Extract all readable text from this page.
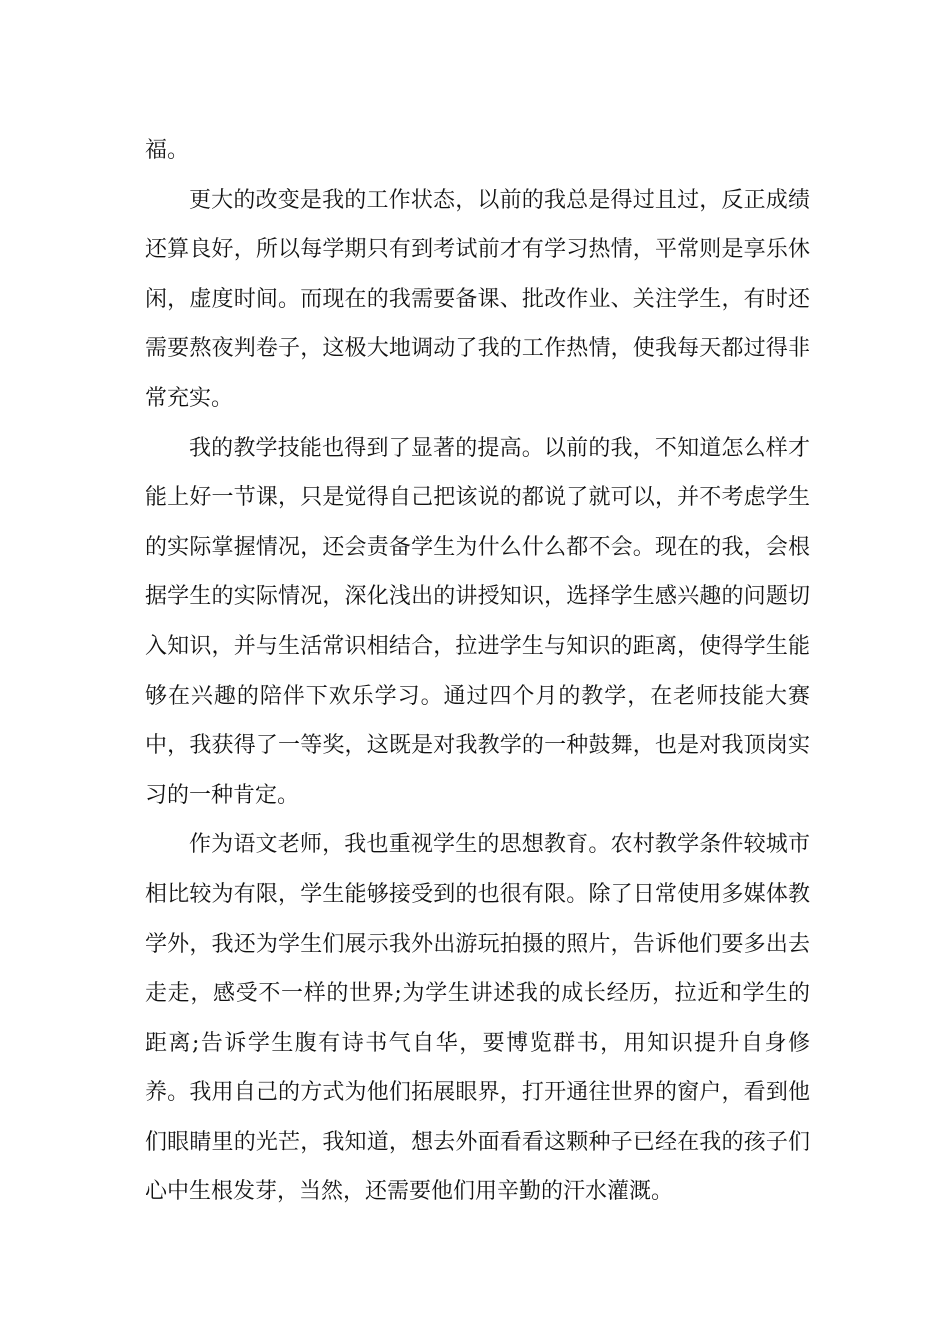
福。

更大的改变是我的工作状态，以前的我总是得过且过，反正成绩还算良好，所以每学期只有到考试前才有学习热情，平常则是享乐休闲，虚度时间。而现在的我需要备课、批改作业、关注学生，有时还需要熬夜判卷子，这极大地调动了我的工作热情，使我每天都过得非常充实。

我的教学技能也得到了显著的提高。以前的我，不知道怎么样才能上好一节课，只是觉得自己把该说的都说了就可以，并不考虑学生的实际掌握情况，还会责备学生为什么什么都不会。现在的我，会根据学生的实际情况，深化浅出的讲授知识，选择学生感兴趣的问题切入知识，并与生活常识相结合，拉进学生与知识的距离，使得学生能够在兴趣的陪伴下欢乐学习。通过四个月的教学，在老师技能大赛中，我获得了一等奖，这既是对我教学的一种鼓舞，也是对我顶岗实习的一种肯定。

作为语文老师，我也重视学生的思想教育。农村教学条件较城市相比较为有限，学生能够接受到的也很有限。除了日常使用多媒体教学外，我还为学生们展示我外出游玩拍摄的照片，告诉他们要多出去走走，感受不一样的世界;为学生讲述我的成长经历，拉近和学生的距离;告诉学生腹有诗书气自华，要博览群书，用知识提升自身修养。我用自己的方式为他们拓展眼界，打开通往世界的窗户，看到他们眼睛里的光芒，我知道，想去外面看看这颗种子已经在我的孩子们心中生根发芽，当然，还需要他们用辛勤的汗水灌溉。
